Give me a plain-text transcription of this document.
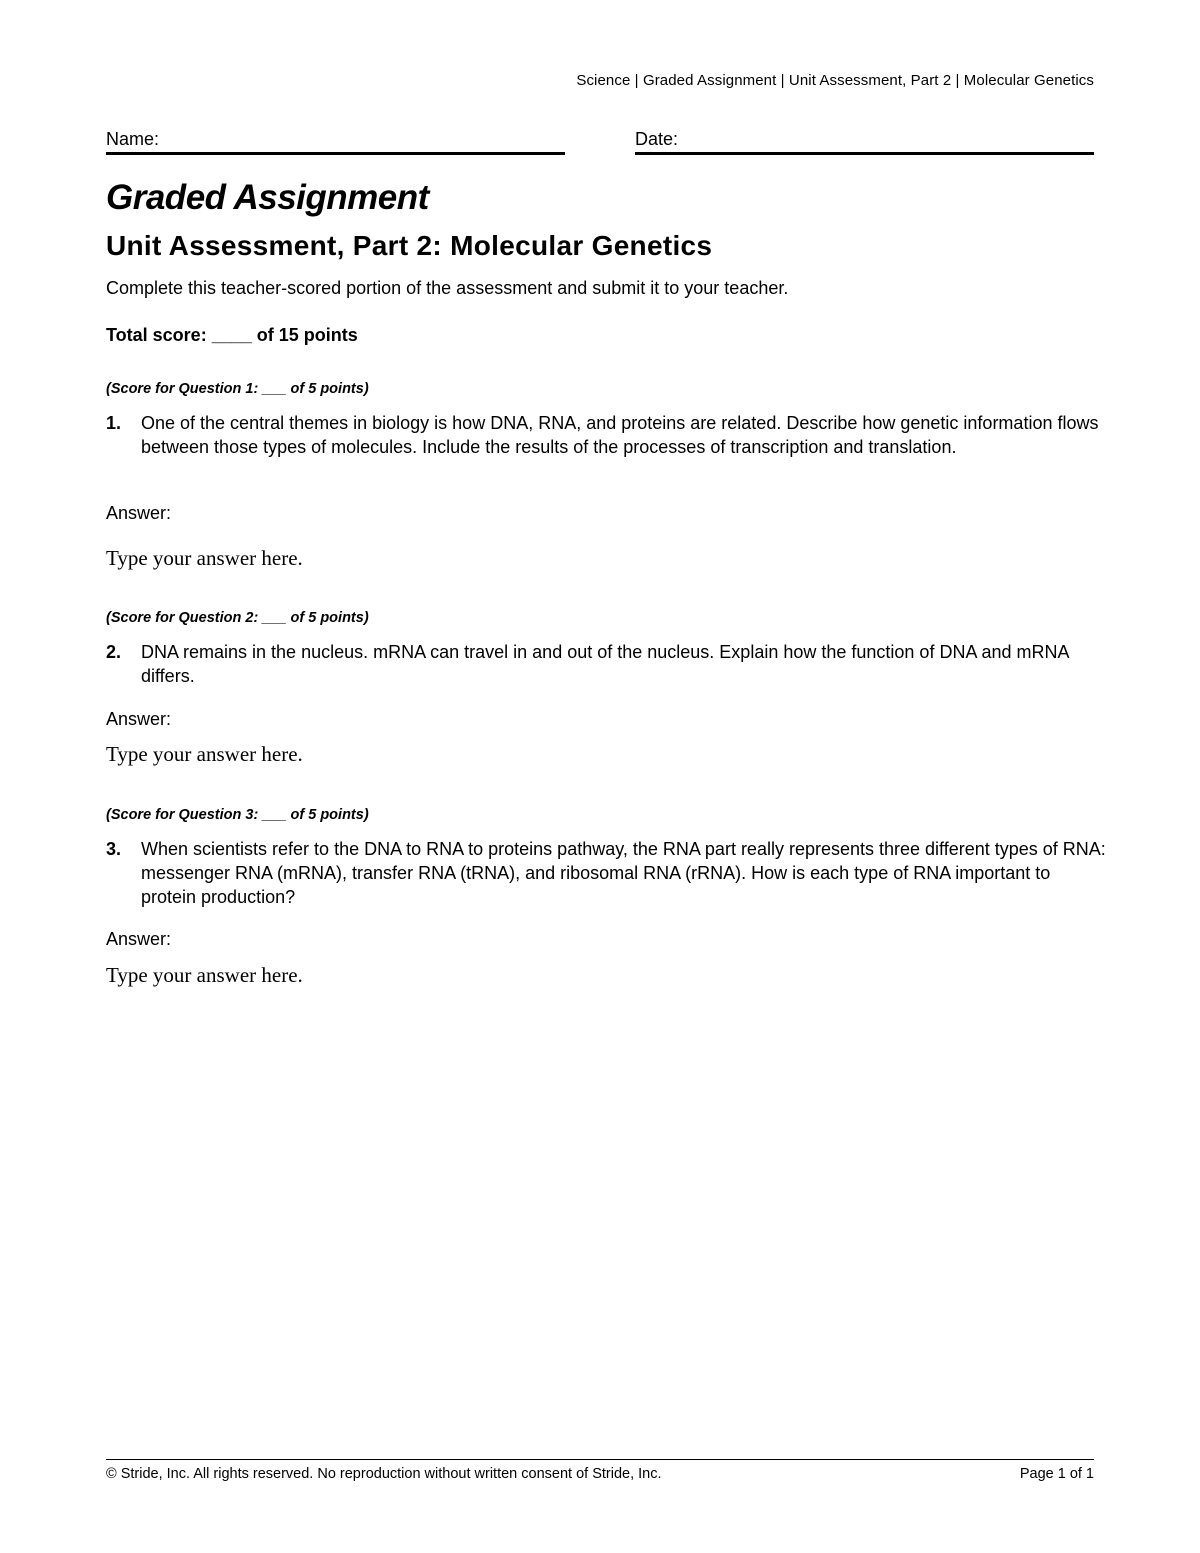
Science | Graded Assignment | Unit Assessment, Part 2 | Molecular Genetics
Name:	Date:
Graded Assignment
Unit Assessment, Part 2: Molecular Genetics
Complete this teacher-scored portion of the assessment and submit it to your teacher.
Total score: ____ of 15 points
(Score for Question 1: ___ of 5 points)
1. One of the central themes in biology is how DNA, RNA, and proteins are related. Describe how genetic information flows between those types of molecules. Include the results of the processes of transcription and translation.
Answer:
Type your answer here.
(Score for Question 2: ___ of 5 points)
2. DNA remains in the nucleus. mRNA can travel in and out of the nucleus. Explain how the function of DNA and mRNA differs.
Answer:
Type your answer here.
(Score for Question 3: ___ of 5 points)
3. When scientists refer to the DNA to RNA to proteins pathway, the RNA part really represents three different types of RNA: messenger RNA (mRNA), transfer RNA (tRNA), and ribosomal RNA (rRNA). How is each type of RNA important to protein production?
Answer:
Type your answer here.
© Stride, Inc. All rights reserved. No reproduction without written consent of Stride, Inc.	Page 1 of 1
